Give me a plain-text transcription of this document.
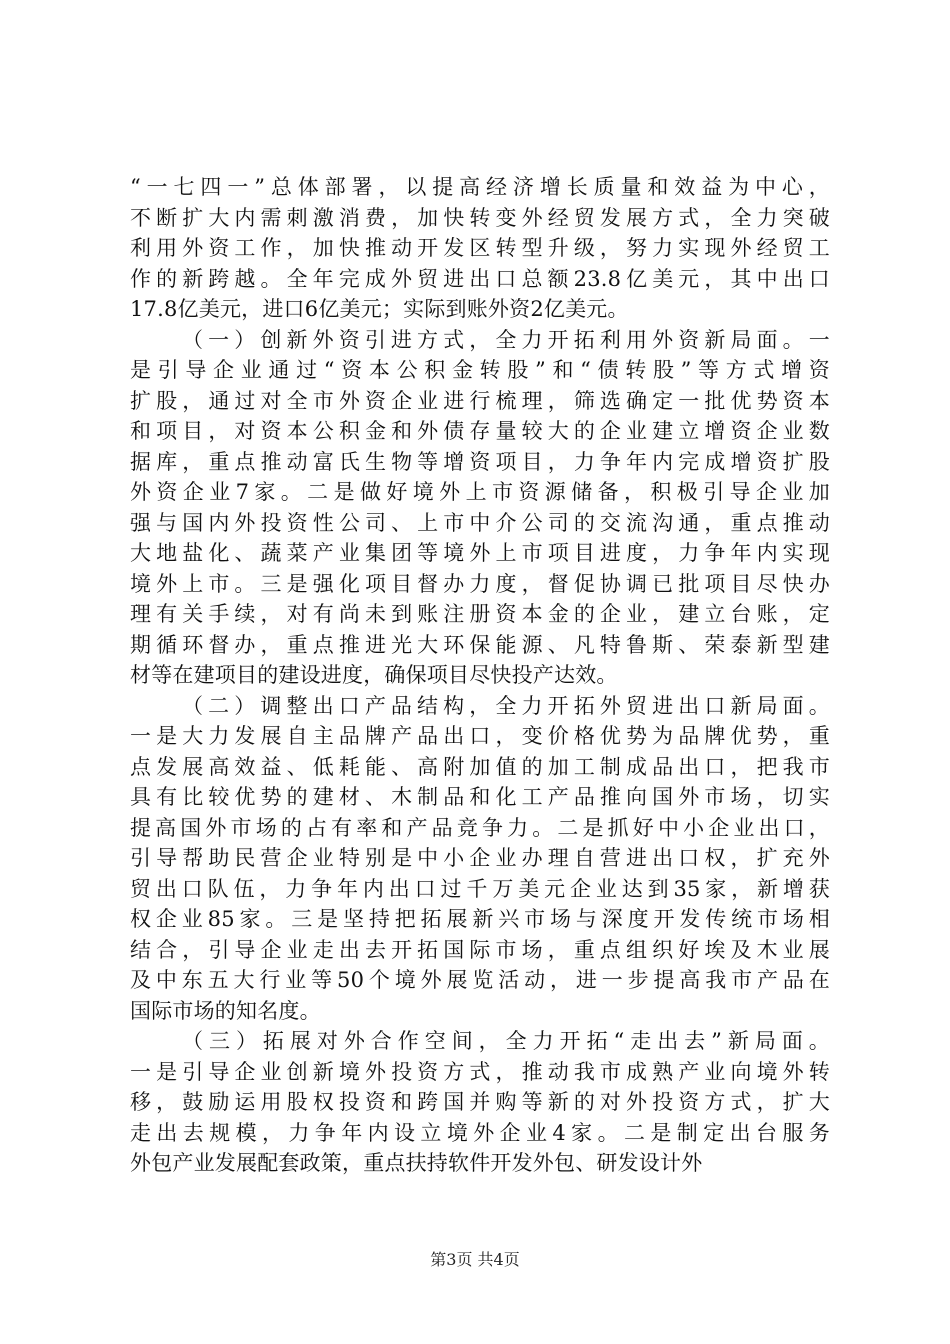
“一七四一”总体部署，以提高经济增长质量和效益为中心，
不断扩大内需刺激消费，加快转变外经贸发展方式，全力突破
利用外资工作，加快推动开发区转型升级，努力实现外经贸工
作的新跨越。全年完成外贸进出口总额23.8亿美元，其中出口
17.8亿美元，进口6亿美元；实际到账外资2亿美元。
（一）创新外资引进方式，全力开拓利用外资新局面。一
是引导企业通过“资本公积金转股”和“债转股”等方式增资
扩股，通过对全市外资企业进行梳理，筛选确定一批优势资本
和项目，对资本公积金和外债存量较大的企业建立增资企业数
据库，重点推动富氏生物等增资项目，力争年内完成增资扩股
外资企业7家。二是做好境外上市资源储备，积极引导企业加
强与国内外投资性公司、上市中介公司的交流沟通，重点推动
大地盐化、蔬菜产业集团等境外上市项目进度，力争年内实现
境外上市。三是强化项目督办力度，督促协调已批项目尽快办
理有关手续，对有尚未到账注册资本金的企业，建立台账，定
期循环督办，重点推进光大环保能源、凡特鲁斯、荣泰新型建
材等在建项目的建设进度，确保项目尽快投产达效。
（二）调整出口产品结构，全力开拓外贸进出口新局面。
一是大力发展自主品牌产品出口，变价格优势为品牌优势，重
点发展高效益、低耗能、高附加值的加工制成品出口，把我市
具有比较优势的建材、木制品和化工产品推向国外市场，切实
提高国外市场的占有率和产品竞争力。二是抓好中小企业出口，
引导帮助民营企业特别是中小企业办理自营进出口权，扩充外
贸出口队伍，力争年内出口过千万美元企业达到35家，新增获
权企业85家。三是坚持把拓展新兴市场与深度开发传统市场相
结合，引导企业走出去开拓国际市场，重点组织好埃及木业展
及中东五大行业等50个境外展览活动，进一步提高我市产品在
国际市场的知名度。
（三）拓展对外合作空间，全力开拓“走出去”新局面。
一是引导企业创新境外投资方式，推动我市成熟产业向境外转
移，鼓励运用股权投资和跨国并购等新的对外投资方式，扩大
走出去规模，力争年内设立境外企业4家。二是制定出台服务
外包产业发展配套政策，重点扶持软件开发外包、研发设计外
第3页 共4页
